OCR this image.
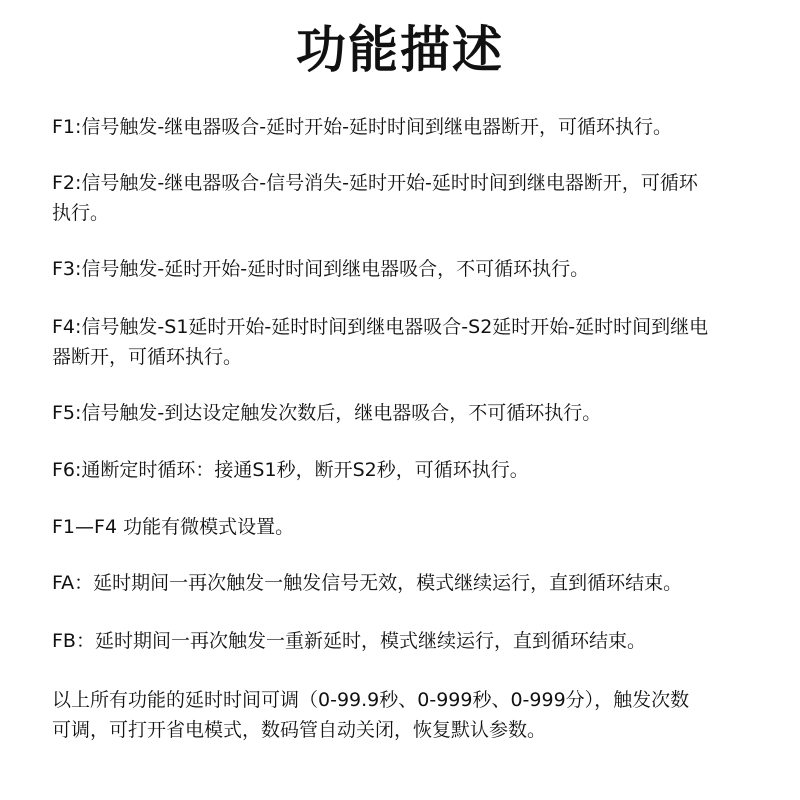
功能描述
F1:信号触发-继电器吸合-延时开始-延时时间到继电器断开，可循环执行。
F2:信号触发-继电器吸合-信号消失-延时开始-延时时间到继电器断开，可循环
执行。
F3:信号触发-延时开始-延时时间到继电器吸合，不可循环执行。
F4:信号触发-S1延时开始-延时时间到继电器吸合-S2延时开始-延时时间到继电
器断开，可循环执行。
F5:信号触发-到达设定触发次数后，继电器吸合，不可循环执行。
F6:通断定时循环：接通S1秒，断开S2秒，可循环执行。
F1—F4 功能有微模式设置。
FA：延时期间一再次触发一触发信号无效，模式继续运行，直到循环结束。
FB：延时期间一再次触发一重新延时，模式继续运行，直到循环结束。
以上所有功能的延时时间可调（0-99.9秒、0-999秒、0-999分），触发次数
可调，可打开省电模式，数码管自动关闭，恢复默认参数。
